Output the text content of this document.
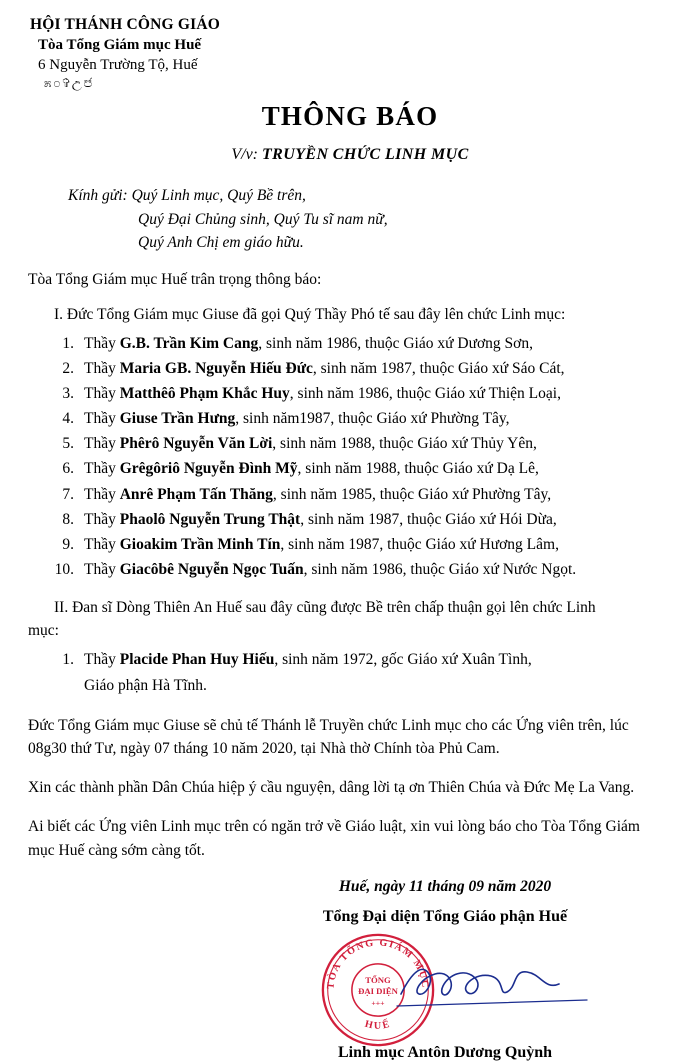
HỘI THÁNH CÔNG GIÁO
Tòa Tổng Giám mục Huế
6 Nguyễn Trường Tộ, Huế
೫೦✞උ෪
THÔNG BÁO
V/v: TRUYỀN CHỨC LINH MỤC
Kính gửi: Quý Linh mục, Quý Bề trên,
Quý Đại Chủng sinh, Quý Tu sĩ nam nữ,
Quý Anh Chị em giáo hữu.
Tòa Tổng Giám mục Huế trân trọng thông báo:
I. Đức Tổng Giám mục Giuse đã gọi Quý Thầy Phó tế sau đây lên chức Linh mục:
1. Thầy G.B. Trần Kim Cang, sinh năm 1986, thuộc Giáo xứ Dương Sơn,
2. Thầy Maria GB. Nguyễn Hiếu Đức, sinh năm 1987, thuộc Giáo xứ Sáo Cát,
3. Thầy Matthêô Phạm Khắc Huy, sinh năm 1986, thuộc Giáo xứ Thiện Loại,
4. Thầy Giuse Trần Hưng, sinh năm1987, thuộc Giáo xứ Phường Tây,
5. Thầy Phêrô Nguyễn Văn Lời, sinh năm 1988, thuộc Giáo xứ Thủy Yên,
6. Thầy Grêgôriô Nguyễn Đình Mỹ, sinh năm 1988, thuộc Giáo xứ Dạ Lê,
7. Thầy Anrê Phạm Tấn Thăng, sinh năm 1985, thuộc Giáo xứ Phường Tây,
8. Thầy Phaolô Nguyễn Trung Thật, sinh năm 1987, thuộc Giáo xứ Hói Dừa,
9. Thầy Gioakim Trần Minh Tín, sinh năm 1987, thuộc Giáo xứ Hương Lâm,
10. Thầy Giacôbê Nguyễn Ngọc Tuấn, sinh năm 1986, thuộc Giáo xứ Nước Ngọt.
II. Đan sĩ Dòng Thiên An Huế sau đây cũng được Bề trên chấp thuận gọi lên chức Linh
mục:
1. Thầy Placide Phan Huy Hiếu, sinh năm 1972, gốc Giáo xứ Xuân Tình,
Giáo phận Hà Tĩnh.
Đức Tổng Giám mục Giuse sẽ chủ tế Thánh lễ Truyền chức Linh mục cho các Ứng viên trên, lúc 08g30 thứ Tư, ngày 07 tháng 10 năm 2020, tại Nhà thờ Chính tòa Phủ Cam.
Xin các thành phần Dân Chúa hiệp ý cầu nguyện, dâng lời tạ ơn Thiên Chúa và Đức Mẹ La Vang.
Ai biết các Ứng viên Linh mục trên có ngăn trở về Giáo luật, xin vui lòng báo cho Tòa Tổng Giám mục Huế càng sớm càng tốt.
Huế, ngày 11 tháng 09 năm 2020
Tổng Đại diện Tổng Giáo phận Huế
TÒA TỔNG GIÁM MỤC
HUẾ
TỔNG
ĐẠI DIỆN
+++
Linh mục Antôn Dương Quỳnh
